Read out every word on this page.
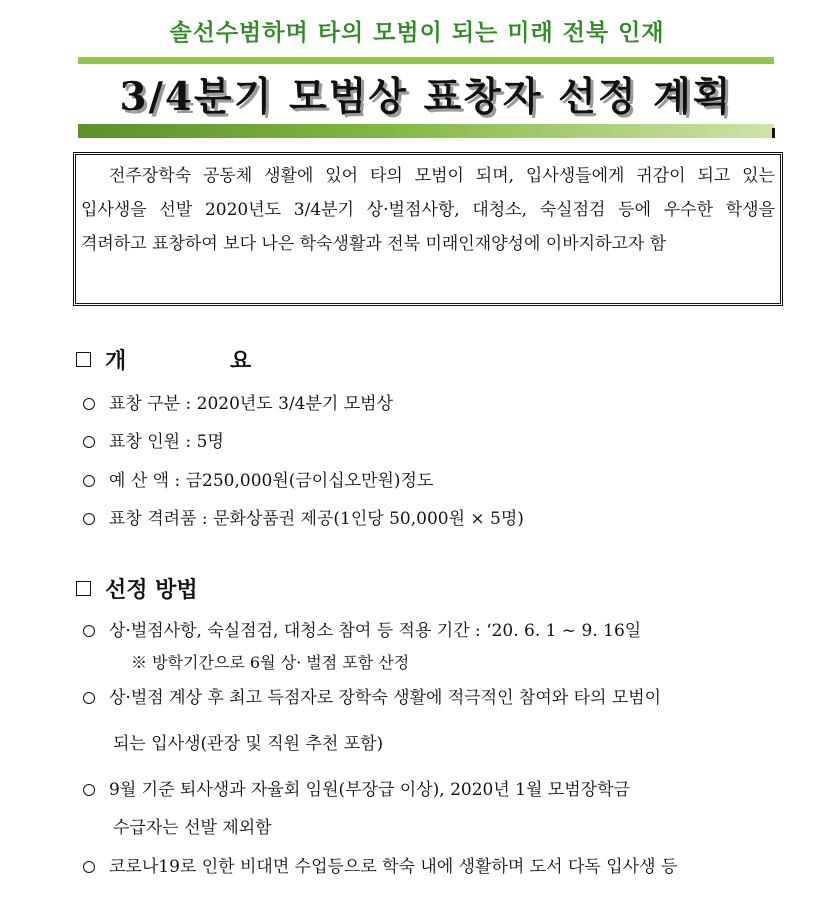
솔선수범하며 타의 모범이 되는 미래 전북 인재
3/4분기 모범상 표창자 선정 계획

전주장학숙 공동체 생활에 있어 타의 모범이 되며, 입사생들에게 귀감이 되고 있는 입사생을 선발 2020년도 3/4분기 상·벌점사항, 대청소, 숙실점검 등에 우수한 학생을 격려하고 표창하여 보다 나은 학숙생활과 전북 미래인재양성에 이바지하고자 함

개 요
표창 구분 : 2020년도 3/4분기 모범상
표창 인원 : 5명
예 산 액 : 금250,000원(금이십오만원)정도
표창 격려품 : 문화상품권 제공(1인당 50,000원 × 5명)
선정 방법
상·벌점사항, 숙실점검, 대청소 참여 등 적용 기간 : ‘20. 6. 1 ~ 9. 16일
※ 방학기간으로 6월 상· 벌점 포함 산정
상·벌점 계상 후 최고 득점자로 장학숙 생활에 적극적인 참여와 타의 모범이
되는 입사생(관장 및 직원 추천 포함)
9월 기준 퇴사생과 자율회 임원(부장급 이상), 2020년 1월 모범장학금
수급자는 선발 제외함
코로나19로 인한 비대면 수업등으로 학숙 내에 생활하며 도서 다독 입사생 등
